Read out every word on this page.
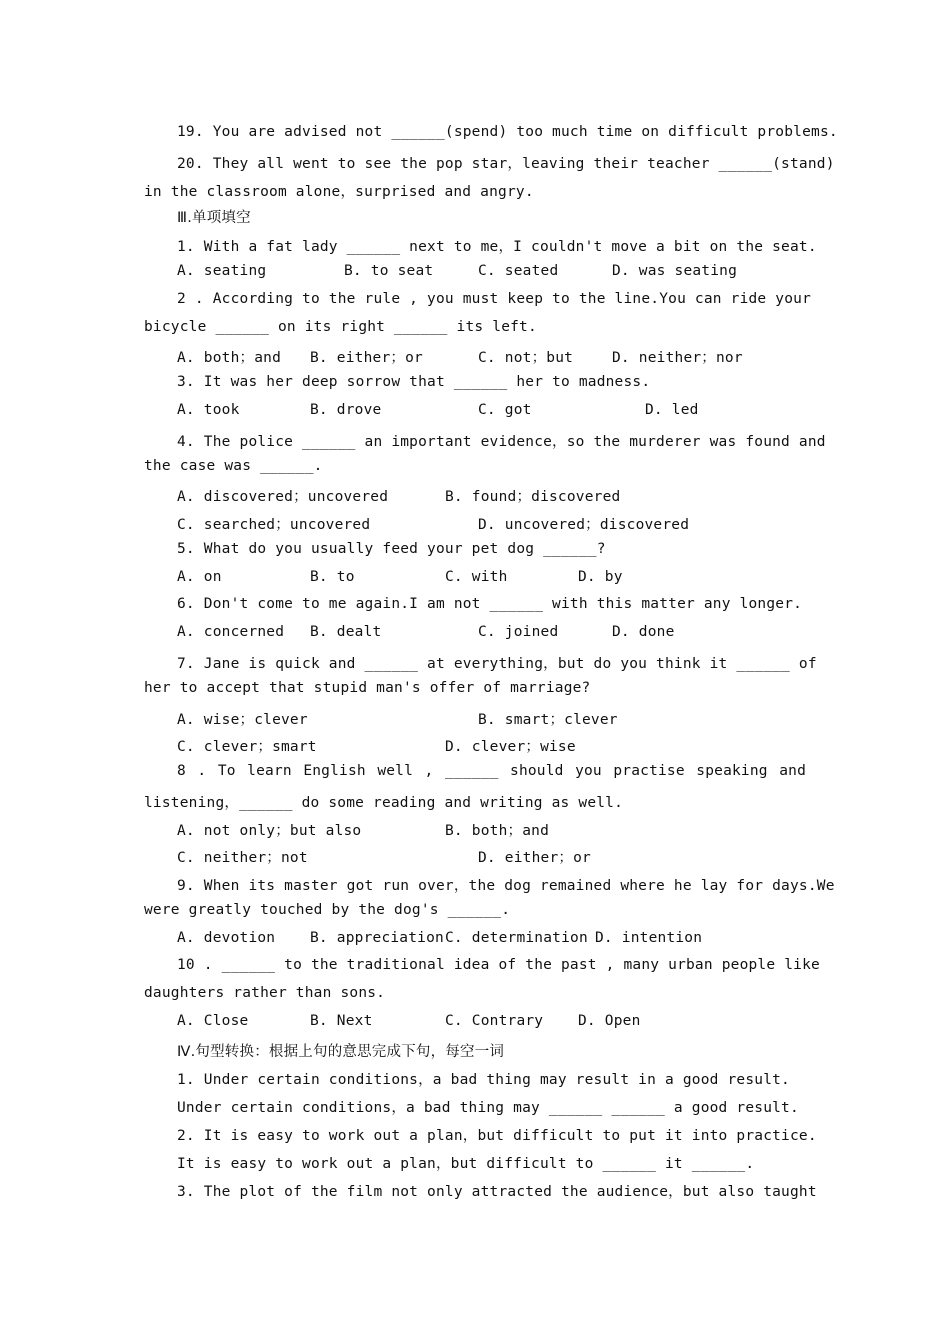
19. You are advised not ______(spend) too much time on difficult problems.
20. They all went to see the pop star，leaving their teacher ______(stand)
in the classroom alone，surprised and angry.
Ⅲ.单项填空
1. With a fat lady ______ next to me，I couldn't move a bit on the seat.
A. seating	B. to seat	C. seated	D. was seating
2 . According to the rule , you must keep to the line.You can ride your
bicycle ______ on its right ______ its left.
A. both；and B. either；or	C. not；but	D. neither；nor
3. It was her deep sorrow that ______ her to madness.
A. took	B. drove	C. got	D. led
4. The police ______ an important evidence，so the murderer was found and
the case was ______.
A. discovered；uncovered	B. found；discovered
C. searched；uncovered	D. uncovered；discovered
5. What do you usually feed your pet dog ______?
A. on	B. to	C. with	D. by
6. Don't come to me again.I am not ______ with this matter any longer.
A. concerned B. dealt	C. joined	D. done
7. Jane is quick and ______ at everything，but do you think it ______ of
her to accept that stupid man's offer of marriage?
A. wise；clever	B. smart；clever
C. clever；smart	D. clever；wise
8 . To learn English well , ______ should you practise speaking and
listening，______ do some reading and writing as well.
A. not only；but also	B. both；and
C. neither；not	D. either；or
9. When its master got run over，the dog remained where he lay for days.We
were greatly touched by the dog's ______.
A. devotion B. appreciation C. determination D. intention
10 . ______ to the traditional idea of the past , many urban people like
daughters rather than sons.
A. Close	B. Next	C. Contrary D. Open
Ⅳ.句型转换：根据上句的意思完成下句，每空一词
1. Under certain conditions，a bad thing may result in a good result.
Under certain conditions，a bad thing may ______ ______ a good result.
2. It is easy to work out a plan，but difficult to put it into practice.
It is easy to work out a plan，but difficult to ______ it ______.
3. The plot of the film not only attracted the audience，but also taught
